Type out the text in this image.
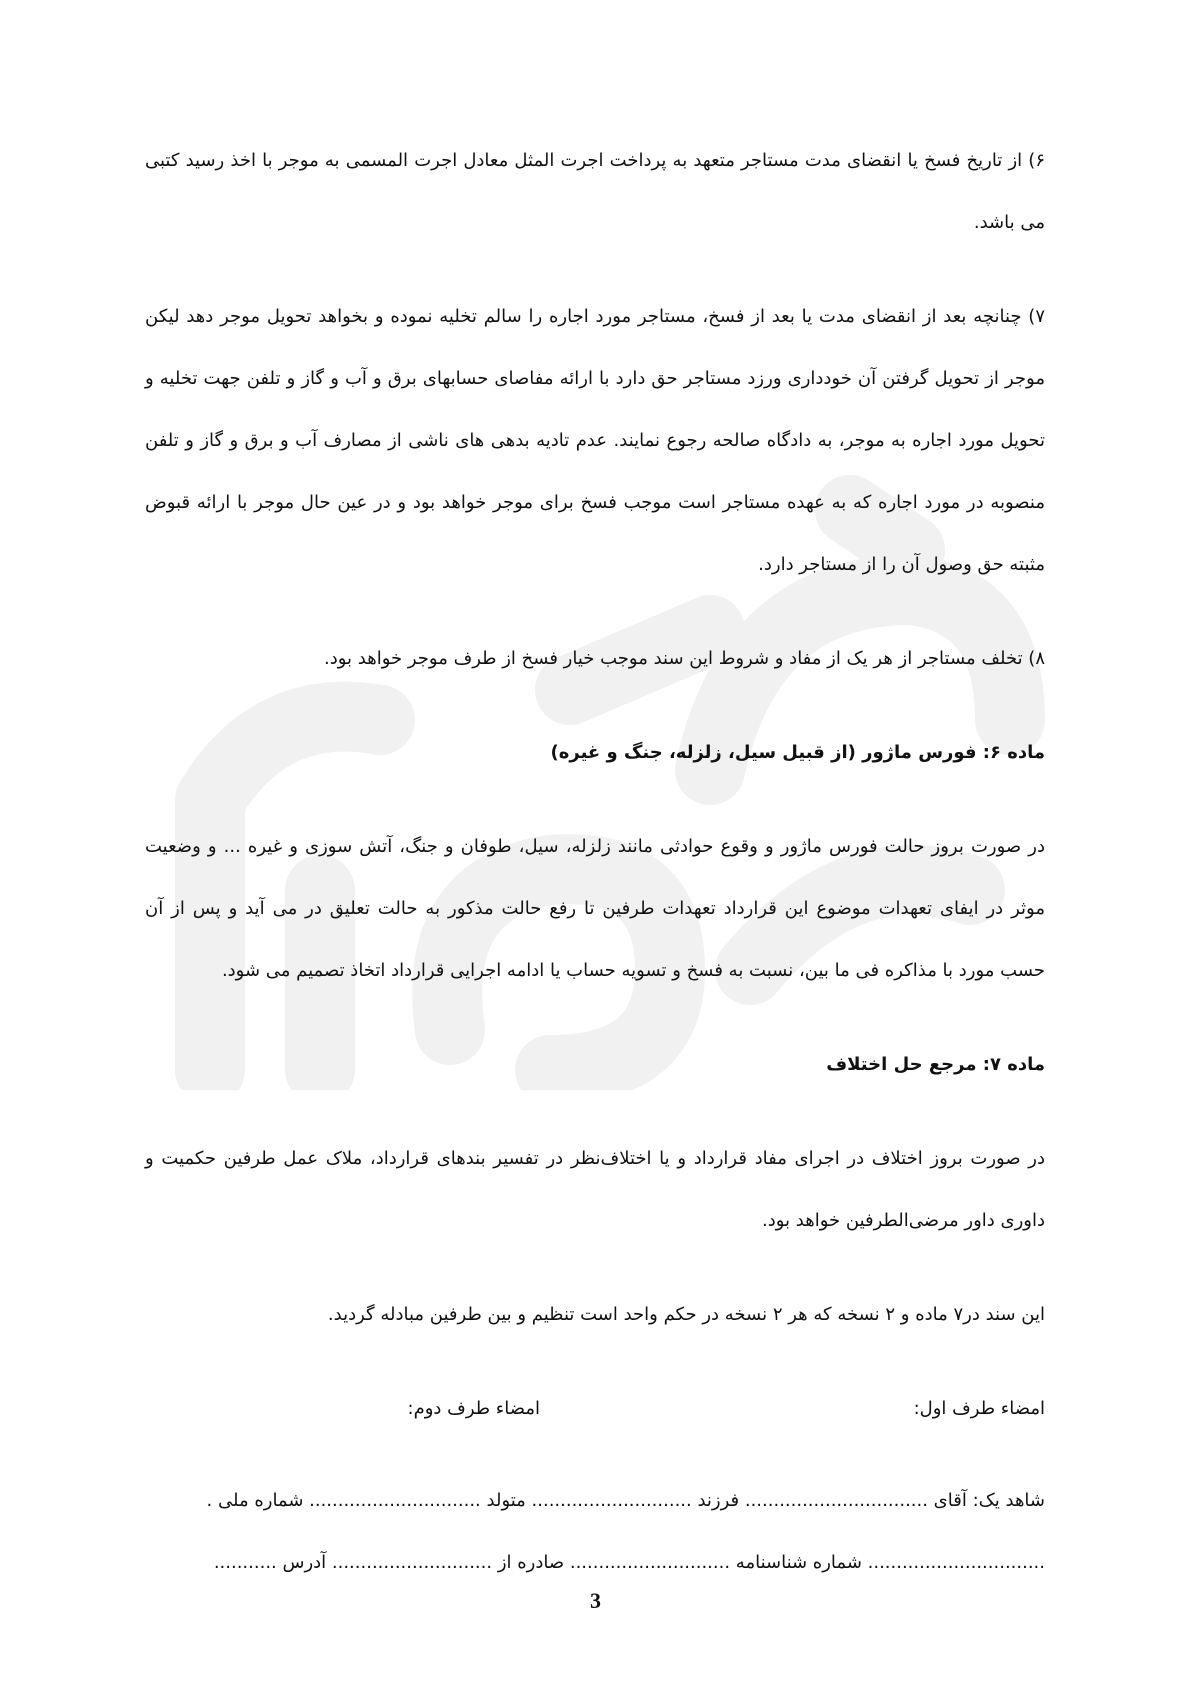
۶) از تاریخ فسخ یا انقضای مدت مستاجر متعهد به پرداخت اجرت المثل معادل اجرت المسمی به موجر با اخذ رسید کتبی می باشد.

۷) چنانچه بعد از انقضای مدت یا بعد از فسخ، مستاجر مورد اجاره را سالم تخلیه نموده و بخواهد تحویل موجر دهد لیکن موجر از تحویل گرفتن آن خودداری ورزد مستاجر حق دارد با ارائه مفاصای حسابهای برق و آب و گاز و تلفن جهت تخلیه و تحویل مورد اجاره به موجر، به دادگاه صالحه رجوع نمایند. عدم تادیه بدهی های ناشی از مصارف آب و برق و گاز و تلفن منصوبه در مورد اجاره که به عهده مستاجر است موجب فسخ برای موجر خواهد بود و در عین حال موجر با ارائه قبوض مثبته حق وصول آن را از مستاجر دارد.

۸) تخلف مستاجر از هر یک از مفاد و شروط این سند موجب خیار فسخ از طرف موجر خواهد بود.

ماده ۶: فورس ماژور (از قبیل سیل، زلزله، جنگ و غیره)

در صورت بروز حالت فورس ماژور و وقوع حوادثی مانند زلزله، سیل، طوفان و جنگ، آتش سوزی و غیره ... و وضعیت موثر در ایفای تعهدات موضوع این قرارداد تعهدات طرفین تا رفع حالت مذکور به حالت تعلیق در می آید و پس از آن حسب مورد با مذاکره فی ما بین، نسبت به فسخ و تسویه حساب یا ادامه اجرایی قرارداد اتخاذ تصمیم می شود.

ماده ۷: مرجع حل اختلاف

در صورت بروز اختلاف در اجرای مفاد قرارداد و یا اختلاف‌نظر در تفسیر بندهای قرارداد، ملاک عمل طرفین حکمیت و داوری داور مرضی‌الطرفین خواهد بود.

این سند در۷ ماده و ۲ نسخه که هر ۲ نسخه در حکم واحد است تنظیم و بین طرفین مبادله گردید.

امضاء طرف اول:
امضاء طرف دوم:
شاهد یک: آقای ................................ فرزند ............................ متولد .............................. شماره ملی .
............................... شماره شناسنامه ............................ صادره از ............................ آدرس ...........
3
